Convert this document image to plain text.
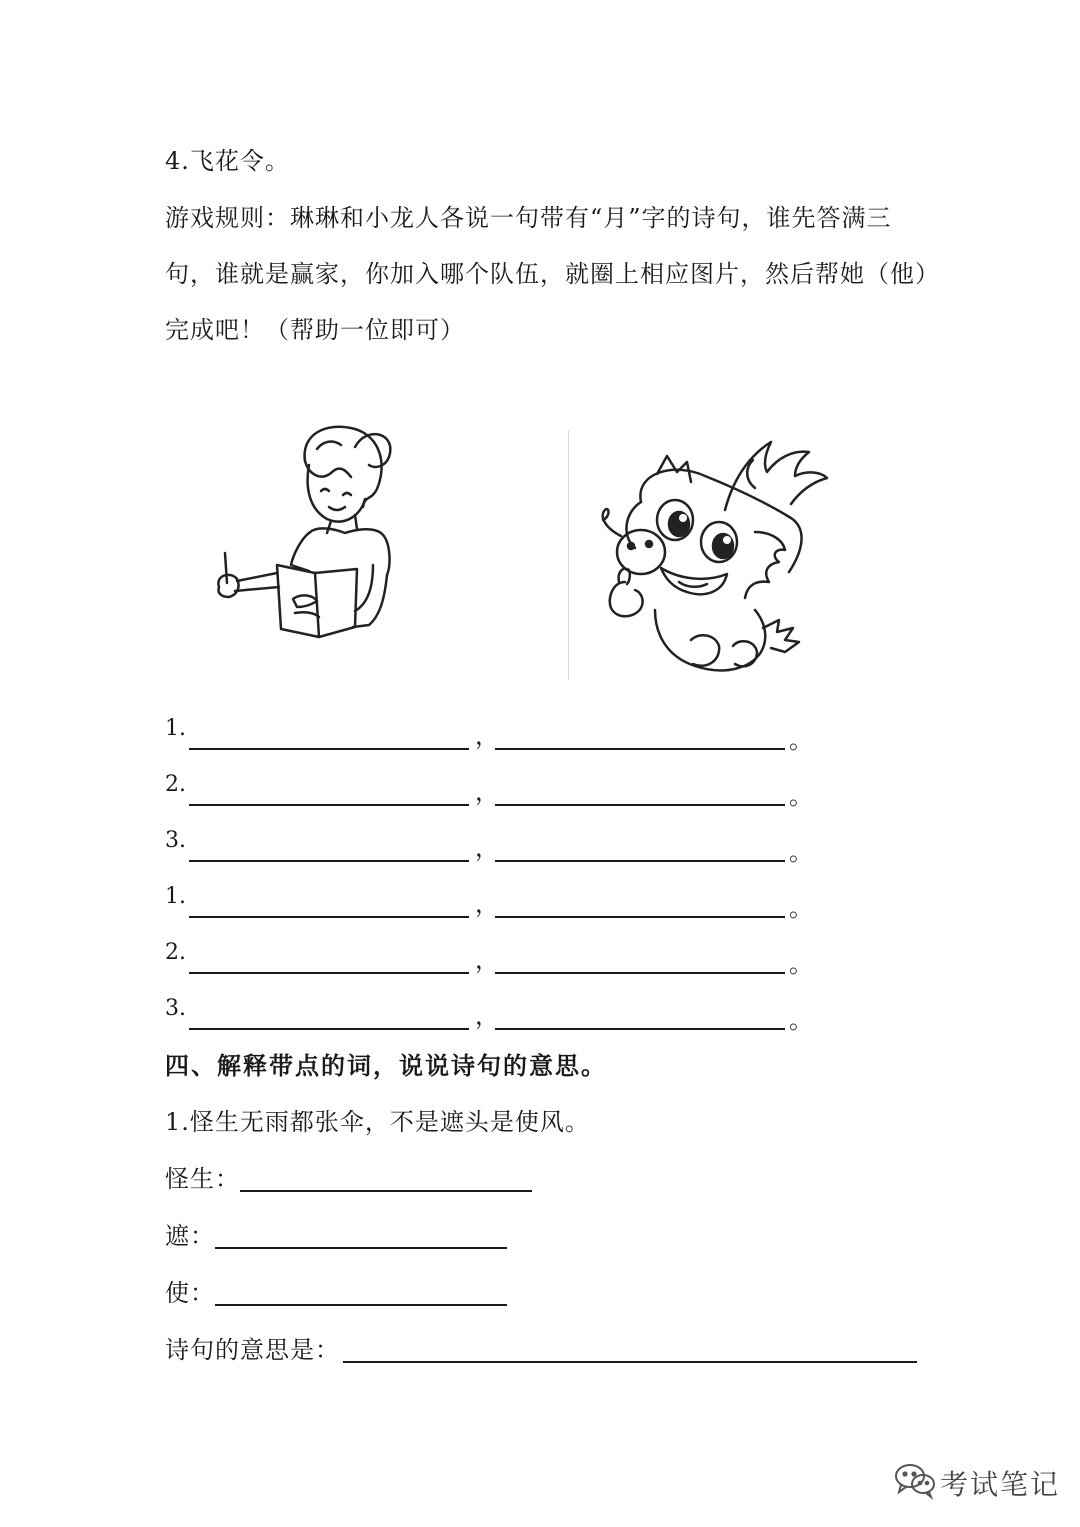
4.飞花令。
游戏规则：琳琳和小龙人各说一句带有“月”字的诗句，谁先答满三
句，谁就是赢家，你加入哪个队伍，就圈上相应图片，然后帮她（他）
完成吧！（帮助一位即可）
1.	，	。
2.	，	。
3.	，	。
1.	，	。
2.	，	。
3.	，	。
四、解释带点的词，说说诗句的意思。
1.怪生无雨都张伞，不是遮头是使风。
怪生：
遮：
使：
诗句的意思是：
考试笔记
